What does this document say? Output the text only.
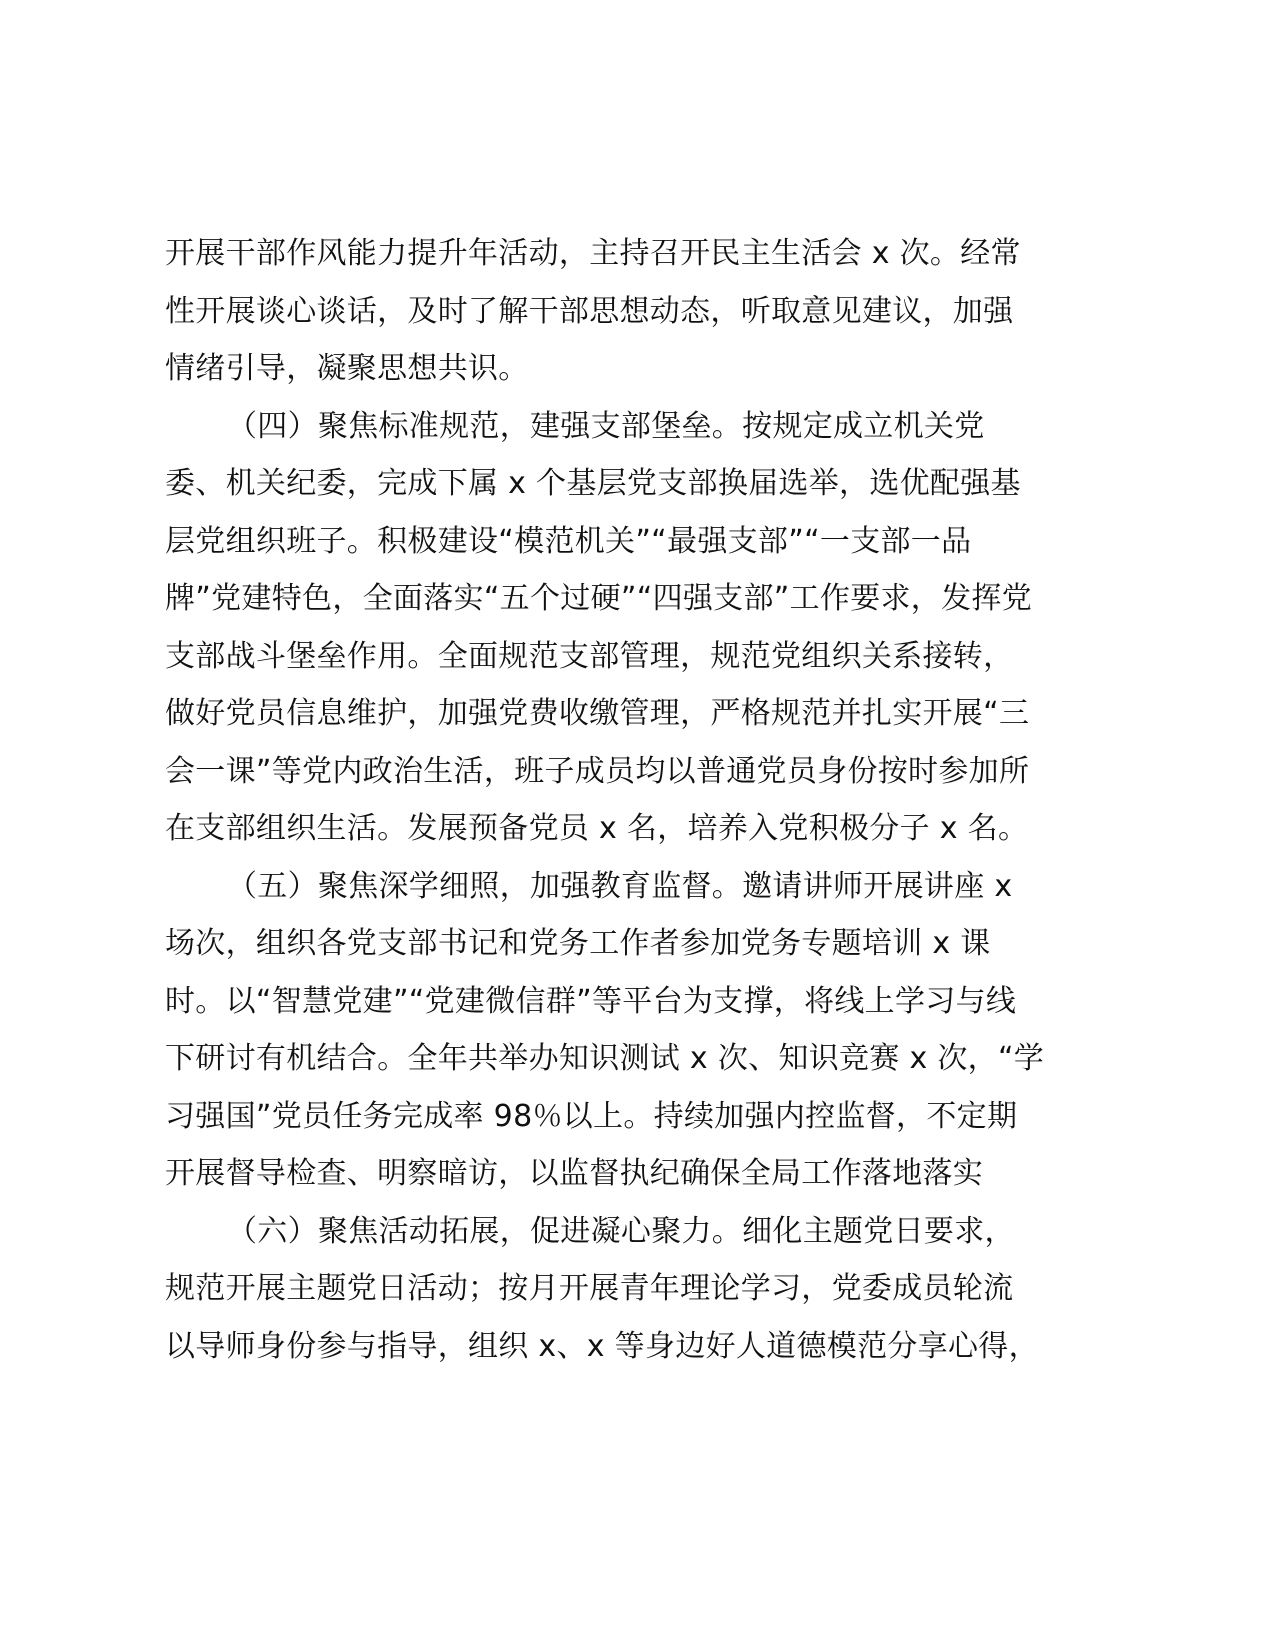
开展干部作风能力提升年活动，主持召开民主生活会 x 次。经常
性开展谈心谈话，及时了解干部思想动态，听取意见建议，加强
情绪引导，凝聚思想共识。
（四）聚焦标准规范，建强支部堡垒。按规定成立机关党
委、机关纪委，完成下属 x 个基层党支部换届选举，选优配强基
层党组织班子。积极建设“模范机关”“最强支部”“一支部一品
牌”党建特色，全面落实“五个过硬”“四强支部”工作要求，发挥党
支部战斗堡垒作用。全面规范支部管理，规范党组织关系接转，
做好党员信息维护，加强党费收缴管理，严格规范并扎实开展“三
会一课”等党内政治生活，班子成员均以普通党员身份按时参加所
在支部组织生活。发展预备党员 x 名，培养入党积极分子 x 名。
（五）聚焦深学细照，加强教育监督。邀请讲师开展讲座 x
场次，组织各党支部书记和党务工作者参加党务专题培训 x 课
时。以“智慧党建”“党建微信群”等平台为支撑，将线上学习与线
下研讨有机结合。全年共举办知识测试 x 次、知识竞赛 x 次，“学
习强国”党员任务完成率 98％以上。持续加强内控监督，不定期
开展督导检查、明察暗访，以监督执纪确保全局工作落地落实
（六）聚焦活动拓展，促进凝心聚力。细化主题党日要求，
规范开展主题党日活动；按月开展青年理论学习，党委成员轮流
以导师身份参与指导，组织 x、x 等身边好人道德模范分享心得，
